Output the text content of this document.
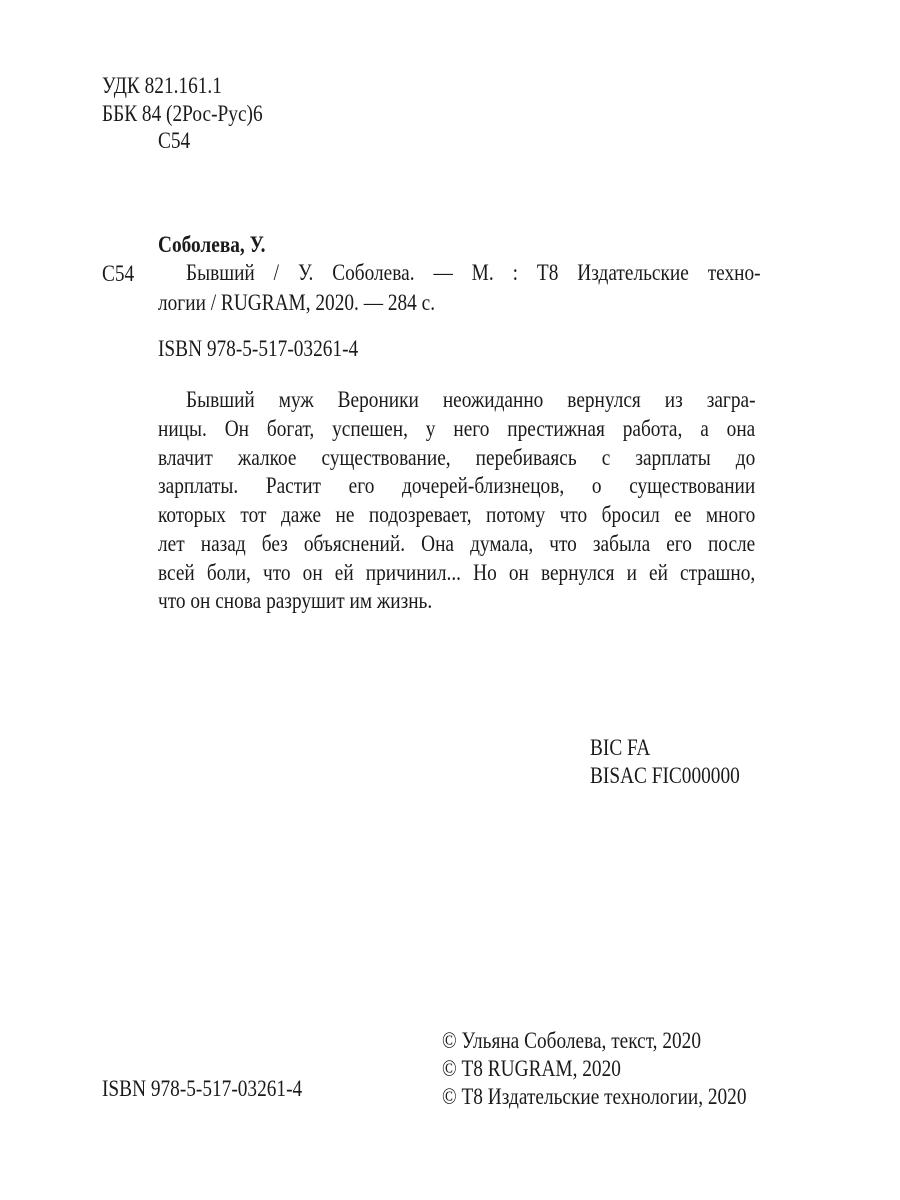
УДК 821.161.1
ББК 84 (2Рос-Рус)6
С54
Соболева, У.
С54 Бывший / У. Соболева. — М. : Т8 Издательские техно-
логии / RUGRAM, 2020. — 284 с.
ISBN 978-5-517-03261-4
Бывший муж Вероники неожиданно вернулся из загра-
ницы. Он богат, успешен, у него престижная работа, а она
влачит жалкое существование, перебиваясь с зарплаты до
зарплаты. Растит его дочерей-близнецов, о существовании
которых тот даже не подозревает, потому что бросил ее много
лет назад без объяснений. Она думала, что забыла его после
всей боли, что он ей причинил... Но он вернулся и ей страшно,
что он снова разрушит им жизнь.
BIC FA
BISAC FIC000000
ISBN 978-5-517-03261-4
© Ульяна Соболева, текст, 2020
© Т8 RUGRAM, 2020
© Т8 Издательские технологии, 2020
